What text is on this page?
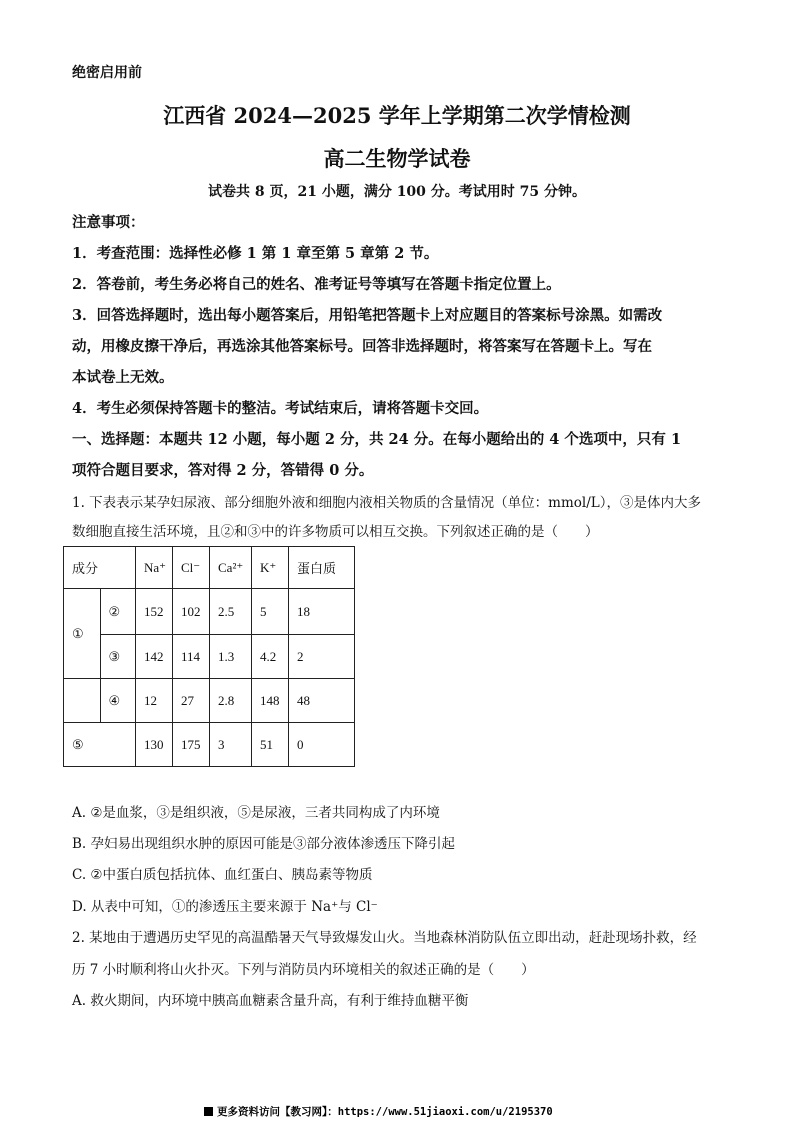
绝密启用前
江西省 2024—2025 学年上学期第二次学情检测
高二生物学试卷
试卷共 8 页，21 小题，满分 100 分。考试用时 75 分钟。
注意事项：
1．考查范围：选择性必修 1 第 1 章至第 5 章第 2 节。
2．答卷前，考生务必将自己的姓名、准考证号等填写在答题卡指定位置上。
3．回答选择题时，选出每小题答案后，用铅笔把答题卡上对应题目的答案标号涂黑。如需改
动，用橡皮擦干净后，再选涂其他答案标号。回答非选择题时，将答案写在答题卡上。写在
本试卷上无效。
4．考生必须保持答题卡的整洁。考试结束后，请将答题卡交回。
一、选择题：本题共 12 小题，每小题 2 分，共 24 分。在每小题给出的 4 个选项中，只有 1
项符合题目要求，答对得 2 分，答错得 0 分。
1. 下表表示某孕妇尿液、部分细胞外液和细胞内液相关物质的含量情况（单位：mmol/L），③是体内大多
数细胞直接生活环境，且②和③中的许多物质可以相互交换。下列叙述正确的是（　　）
成分		Na⁺	Cl⁻	Ca²⁺	K⁺	蛋白质
①	②	152	102	2.5	5	18
	③	142	114	1.3	4.2	2
	④	12	27	2.8	148	48
⑤		130	175	3	51	0
A. ②是血浆，③是组织液，⑤是尿液，三者共同构成了内环境
B. 孕妇易出现组织水肿的原因可能是③部分液体渗透压下降引起
C. ②中蛋白质包括抗体、血红蛋白、胰岛素等物质
D. 从表中可知，①的渗透压主要来源于 Na⁺与 Cl⁻
2. 某地由于遭遇历史罕见的高温酷暑天气导致爆发山火。当地森林消防队伍立即出动，赶赴现场扑救，经
历 7 小时顺利将山火扑灭。下列与消防员内环境相关的叙述正确的是（　　）
A. 救火期间，内环境中胰高血糖素含量升高，有利于维持血糖平衡
更多资料访问【教习网】：https://www.51jiaoxi.com/u/2195370
